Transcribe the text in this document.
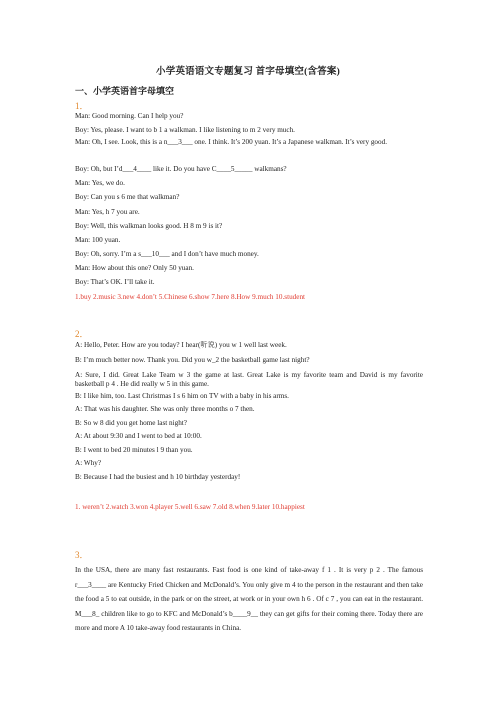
小学英语语文专题复习 首字母填空(含答案)
一、小学英语首字母填空
1．
Man: Good morning. Can I help you?
Boy: Yes, please. I want to b 1 a walkman. I like listening to m 2 very much.
Man: Oh, I see. Look, this is a n___3___ one. I think. It’s 200 yuan. It’s a Japanese walkman. It’s very good.
Boy: Oh, but I’d___4____ like it. Do you have C____5_____ walkmans?
Man: Yes, we do.
Boy: Can you s 6 me that walkman?
Man: Yes, h 7 you are.
Boy: Well, this walkman looks good. H 8 m 9 is it?
Man: 100 yuan.
Boy: Oh, sorry. I’m a s___10___ and I don’t have much money.
Man: How about this one? Only 50 yuan.
Boy: That’s OK. I’ll take it.
1.buy 2.music 3.new 4.don’t 5.Chinese 6.show 7.here 8.How 9.much 10.student
2．
A: Hello, Peter. How are you today? I hear(听说) you w 1 well last week.
B: I’m much better now. Thank you. Did you w_2 the basketball game last night?
A: Sure, I did. Great Lake Team w 3 the game at last. Great Lake is my favorite team and David is my favorite basketball p 4 . He did really w 5 in this game.
B: I like him, too. Last Christmas I s 6 him on TV with a baby in his arms.
A: That was his daughter. She was only three months o 7 then.
B: So w 8 did you get home last night?
A: At about 9:30 and I went to bed at 10:00.
B: I went to bed 20 minutes l 9 than you.
A: Why?
B: Because I had the busiest and h 10 birthday yesterday!
1. weren’t 2.watch 3.won 4.player 5.well 6.saw 7.old 8.when 9.later 10.happiest
3．
In the USA, there are many fast restaurants. Fast food is one kind of take-away f 1 . It is very p 2 . The famous r___3____ are Kentucky Fried Chicken and McDonald’s. You only give m 4 to the person in the restaurant and then take the food a 5 to eat outside, in the park or on the street, at work or in your own h 6 . Of c 7 , you can eat in the restaurant. M___8_ children like to go to KFC and McDonald’s b____9__ they can get gifts for their coming there. Today there are more and more A 10 take-away food restaurants in China.
